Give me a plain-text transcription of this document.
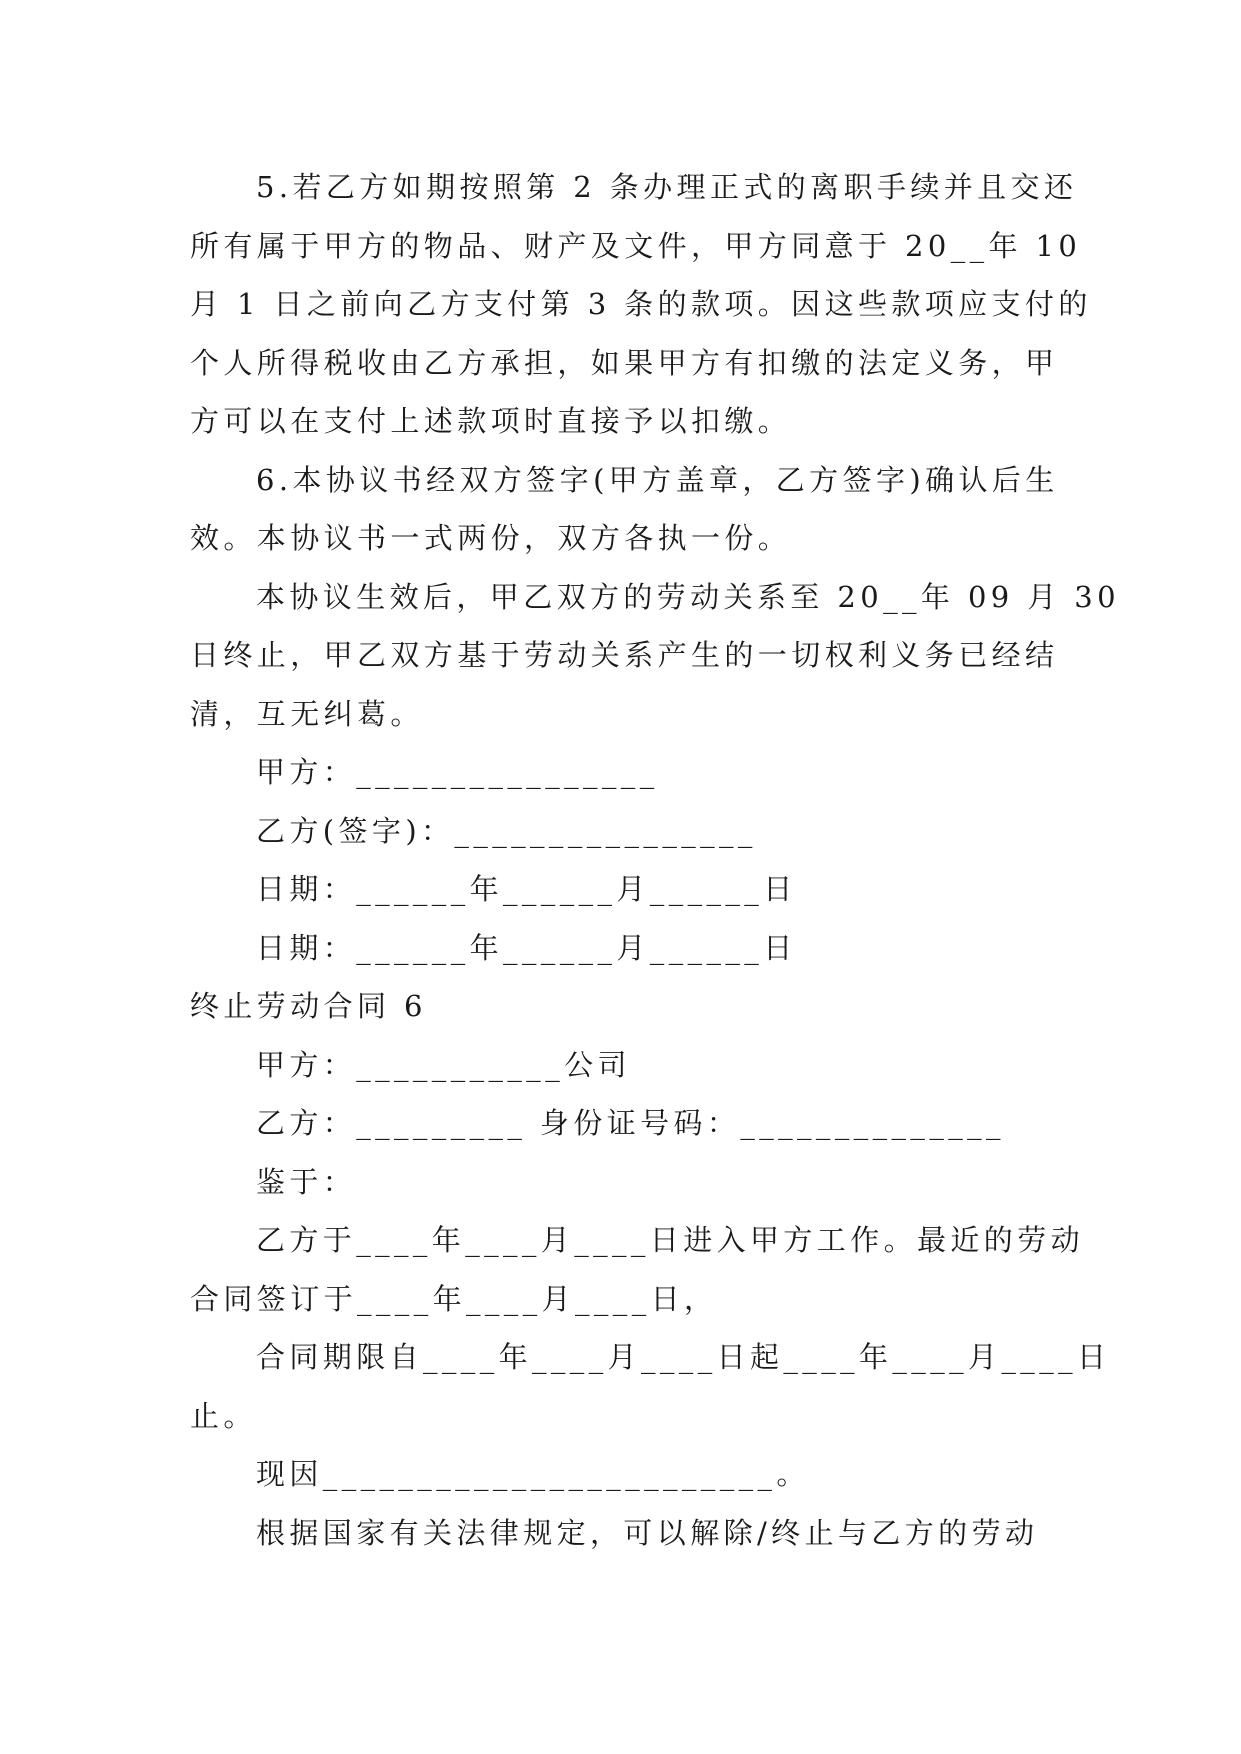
5.若乙方如期按照第 2 条办理正式的离职手续并且交还

所有属于甲方的物品、财产及文件，甲方同意于 20__年 10

月 1 日之前向乙方支付第 3 条的款项。因这些款项应支付的

个人所得税收由乙方承担，如果甲方有扣缴的法定义务，甲

方可以在支付上述款项时直接予以扣缴。

6.本协议书经双方签字(甲方盖章，乙方签字)确认后生

效。本协议书一式两份，双方各执一份。

本协议生效后，甲乙双方的劳动关系至 20__年 09 月 30

日终止，甲乙双方基于劳动关系产生的一切权利义务已经结

清，互无纠葛。

甲方：________________

乙方(签字)：________________

日期：______年______月______日

日期：______年______月______日

终止劳动合同 6

甲方：___________公司

乙方：_________ 身份证号码：______________

鉴于：

乙方于____年____月____日进入甲方工作。最近的劳动

合同签订于____年____月____日，

合同期限自____年____月____日起____年____月____日

止。

现因________________________。

根据国家有关法律规定，可以解除/终止与乙方的劳动
